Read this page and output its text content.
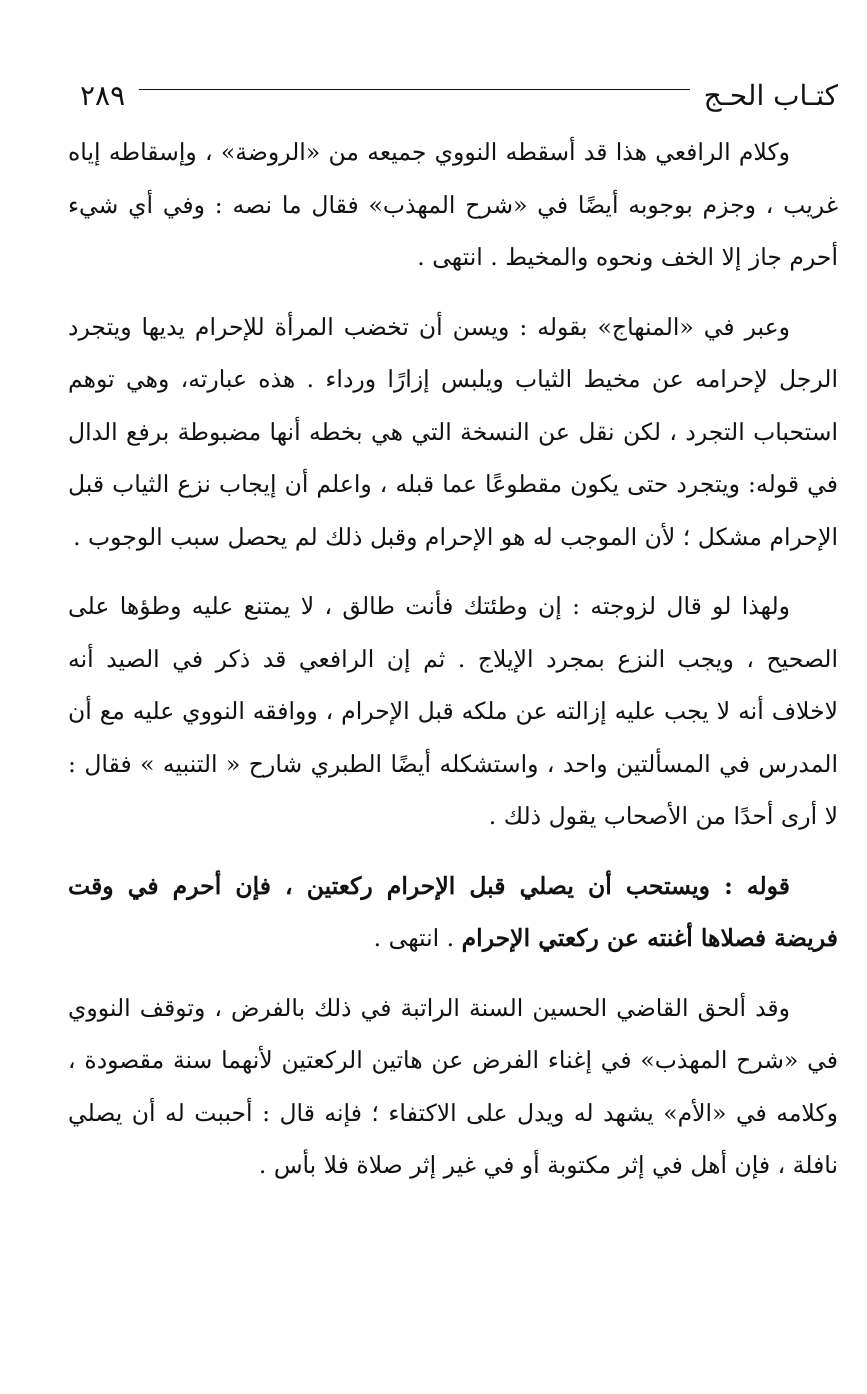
كتـاب الحـج
٢٨٩

وكلام الرافعي هذا قد أسقطه النووي جميعه من «الروضة» ، وإسقاطه إياه غريب ، وجزم بوجوبه أيضًا في «شرح المهذب» فقال ما نصه : وفي أي شيء أحرم جاز إلا الخف ونحوه والمخيط . انتهى .

وعبر في «المنهاج» بقوله : ويسن أن تخضب المرأة للإحرام يديها ويتجرد الرجل لإحرامه عن مخيط الثياب ويلبس إزارًا ورداء . هذه عبارته، وهي توهم استحباب التجرد ، لكن نقل عن النسخة التي هي بخطه أنها مضبوطة برفع الدال في قوله: ويتجرد حتى يكون مقطوعًا عما قبله ، واعلم أن إيجاب نزع الثياب قبل الإحرام مشكل ؛ لأن الموجب له هو الإحرام وقبل ذلك لم يحصل سبب الوجوب .

ولهذا لو قال لزوجته : إن وطئتك فأنت طالق ، لا يمتنع عليه وطؤها على الصحيح ، ويجب النزع بمجرد الإيلاج . ثم إن الرافعي قد ذكر في الصيد أنه لاخلاف أنه لا يجب عليه إزالته عن ملكه قبل الإحرام ، ووافقه النووي عليه مع أن المدرس في المسألتين واحد ، واستشكله أيضًا الطبري شارح « التنبيه » فقال : لا أرى أحدًا من الأصحاب يقول ذلك .

قوله : ويستحب أن يصلي قبل الإحرام ركعتين ، فإن أحرم في وقت فريضة فصلاها أغنته عن ركعتي الإحرام . انتهى .

وقد ألحق القاضي الحسين السنة الراتبة في ذلك بالفرض ، وتوقف النووي في «شرح المهذب» في إغناء الفرض عن هاتين الركعتين لأنهما سنة مقصودة ، وكلامه في «الأم» يشهد له ويدل على الاكتفاء ؛ فإنه قال : أحببت له أن يصلي نافلة ، فإن أهل في إثر مكتوبة أو في غير إثر صلاة فلا بأس .
